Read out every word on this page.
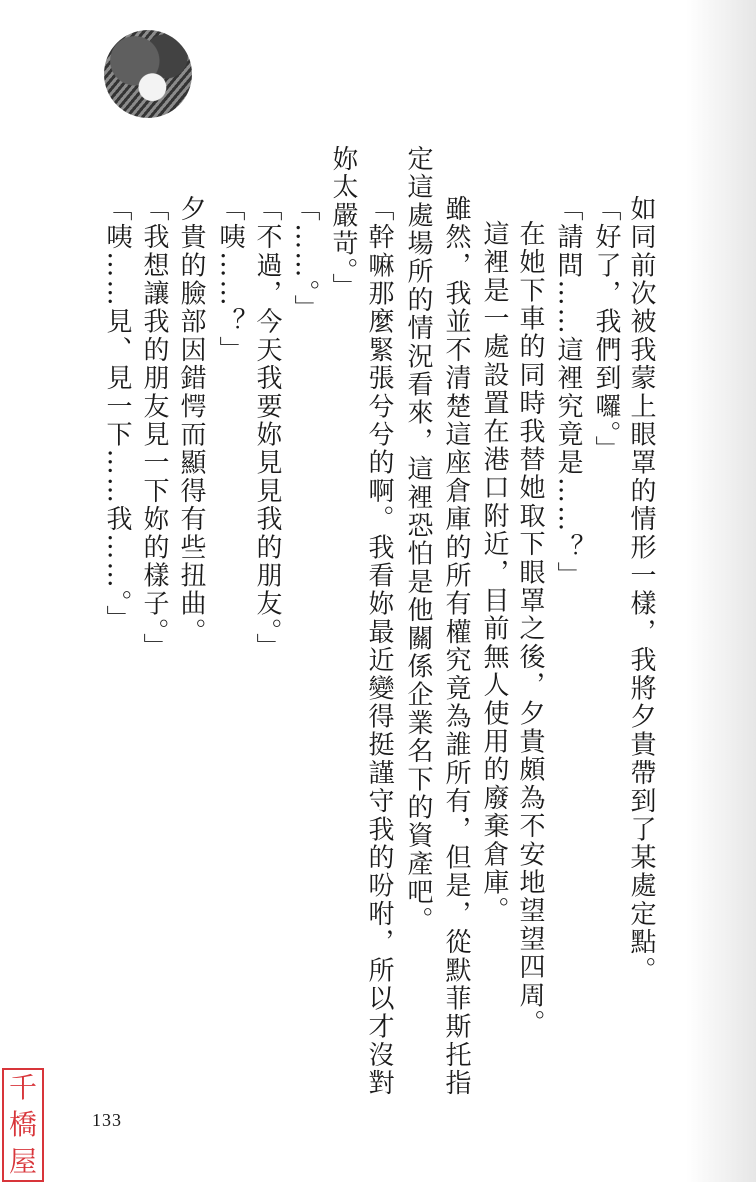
如同前次被我蒙上眼罩的情形一樣，我將夕貴帶到了某處定點。
「好了，我們到囉。」
「請問……這裡究竟是……？」
在她下車的同時我替她取下眼罩之後，夕貴頗為不安地望望四周。
這裡是一處設置在港口附近，目前無人使用的廢棄倉庫。
雖然，我並不清楚這座倉庫的所有權究竟為誰所有，但是，從默菲斯托指
定這處場所的情況看來，這裡恐怕是他關係企業名下的資產吧。
「幹嘛那麼緊張兮兮的啊。我看妳最近變得挺謹守我的吩咐，所以才沒對
妳太嚴苛。」
「……。」
「不過，今天我要妳見見我的朋友。」
「咦……？」
夕貴的臉部因錯愕而顯得有些扭曲。
「我想讓我的朋友見一下妳的樣子。」
「咦……見、見一下……我……。」
133
千
橋
屋
